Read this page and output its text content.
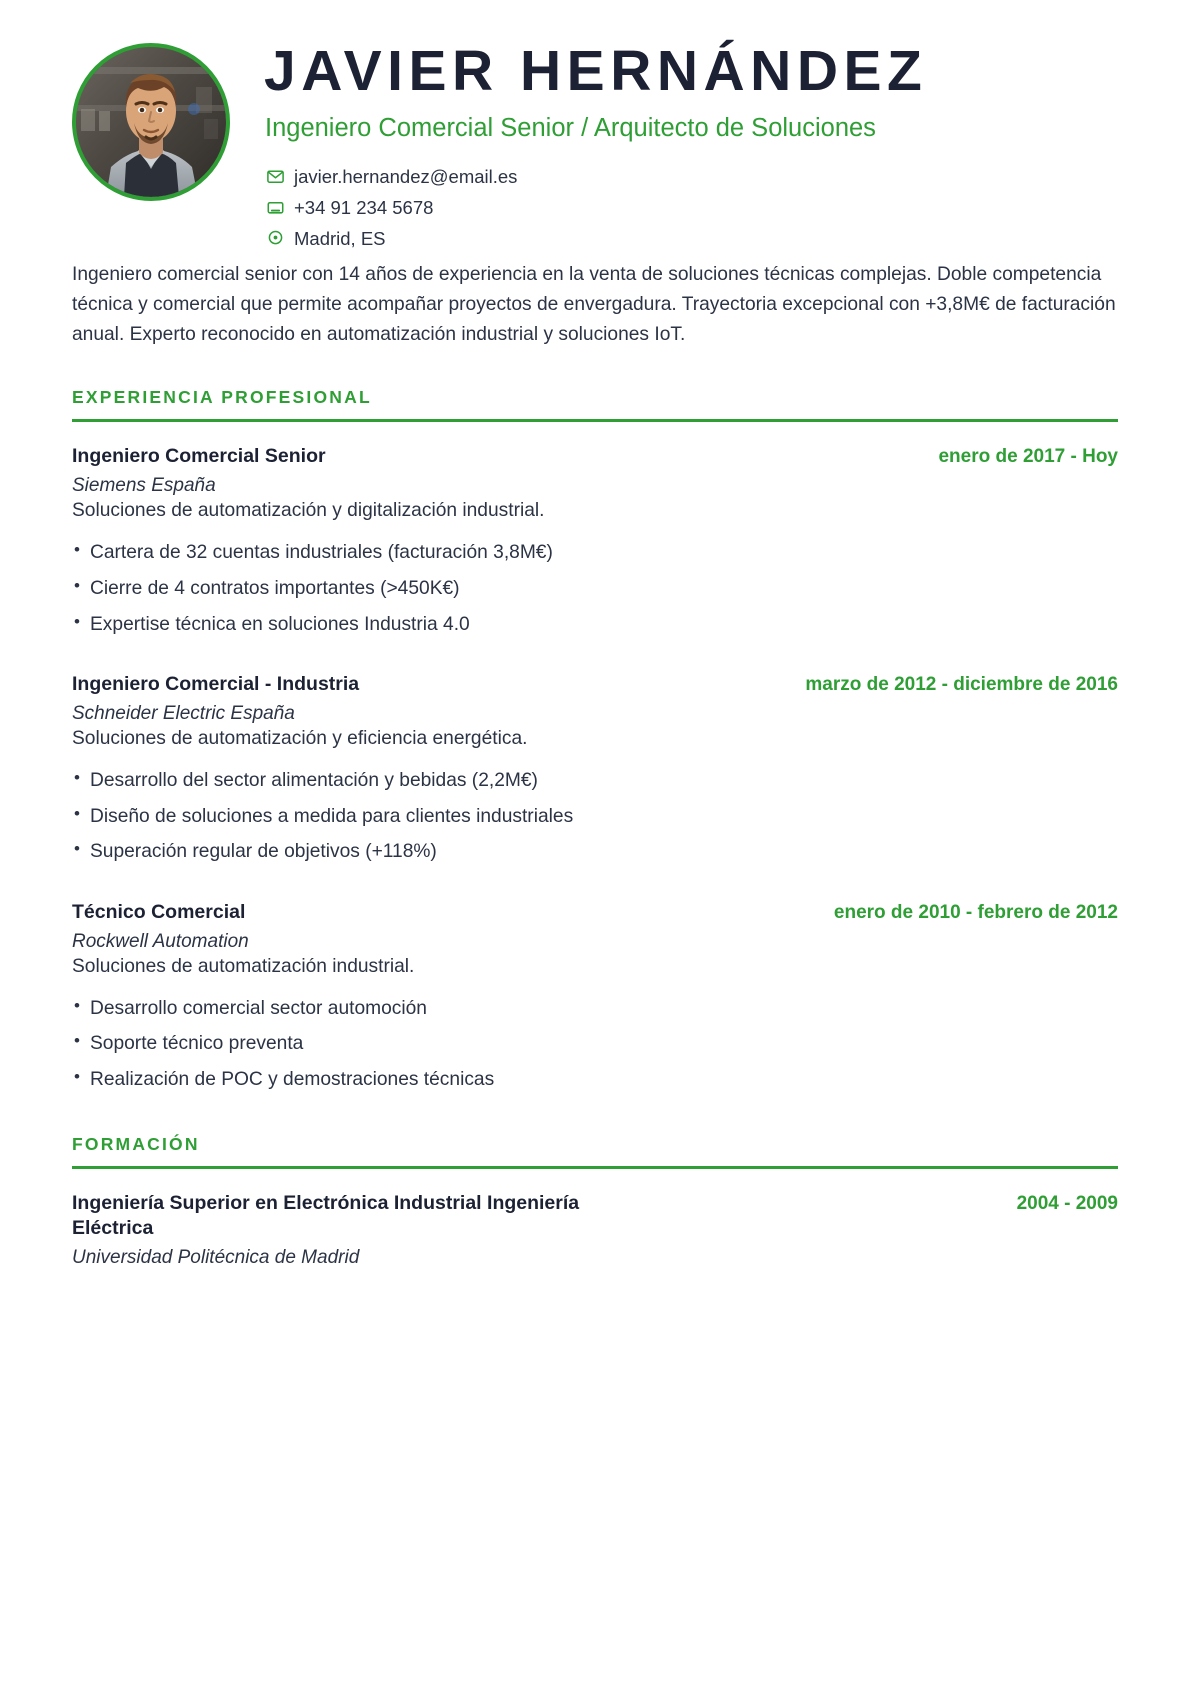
JAVIER HERNÁNDEZ
Ingeniero Comercial Senior / Arquitecto de Soluciones
javier.hernandez@email.es
+34 91 234 5678
Madrid, ES
Ingeniero comercial senior con 14 años de experiencia en la venta de soluciones técnicas complejas. Doble competencia técnica y comercial que permite acompañar proyectos de envergadura. Trayectoria excepcional con +3,8M€ de facturación anual. Experto reconocido en automatización industrial y soluciones IoT.
EXPERIENCIA PROFESIONAL
Ingeniero Comercial Senior	enero de 2017 - Hoy
Siemens España
Soluciones de automatización y digitalización industrial.
• Cartera de 32 cuentas industriales (facturación 3,8M€)
• Cierre de 4 contratos importantes (>450K€)
• Expertise técnica en soluciones Industria 4.0
Ingeniero Comercial - Industria	marzo de 2012 - diciembre de 2016
Schneider Electric España
Soluciones de automatización y eficiencia energética.
• Desarrollo del sector alimentación y bebidas (2,2M€)
• Diseño de soluciones a medida para clientes industriales
• Superación regular de objetivos (+118%)
Técnico Comercial	enero de 2010 - febrero de 2012
Rockwell Automation
Soluciones de automatización industrial.
• Desarrollo comercial sector automoción
• Soporte técnico preventa
• Realización de POC y demostraciones técnicas
FORMACIÓN
Ingeniería Superior en Electrónica Industrial Ingeniería Eléctrica
2004 - 2009
Universidad Politécnica de Madrid
